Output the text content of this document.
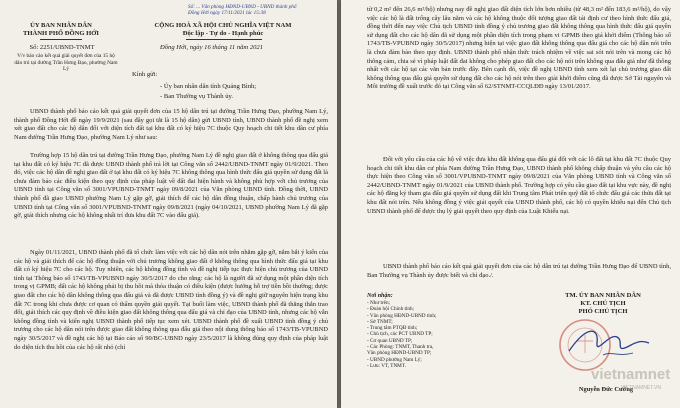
Số: ... Văn phòng HĐND-UBND - UBND thành phố
Đồng Hới ngày 17/11/2021 lúc 15:38
ỦY BAN NHÂN DÂN
THÀNH PHỐ ĐỒNG HỚI
CỘNG HOÀ XÃ HỘI CHỦ NGHĨA VIỆT NAM
Độc lập - Tự do - Hạnh phúc
Số: 2251/UBND-TNMT	Đồng Hới, ngày 16 tháng 11 năm 2021
V/v báo cáo kết quả giải quyết đơn của 15 hộ dân trú tại đường Trần Hưng Đạo, phường Nam Lý
Kính gửi:
- Ủy ban nhân dân tỉnh Quảng Bình;
- Ban Thường vụ Thành ủy.
UBND thành phố báo cáo kết quả giải quyết đơn của 15 hộ dân trú tại đường Trần Hưng Đạo, phường Nam Lý, thành phố Đồng Hới đề ngày 19/9/2021 (sau đây gọi tắt là 15 hộ dân) gửi UBND tỉnh, UBND thành phố đề nghị xem xét giao đất cho các hộ dân đối với diện tích đất tại khu đất có ký hiệu 7C thuộc Quy hoạch chi tiết khu dân cư phía Nam đường Trần Hưng Đạo, phường Nam Lý như sau:
Trường hợp 15 hộ dân trú tại đường Trần Hưng Đạo, phường Nam Lý đề nghị giao đất ở không thông qua đấu giá tại khu đất có ký hiệu 7C đã được UBND thành phố trả lời tại Công văn số 2442/UBND-TNMT ngày 01/9/2021. Theo đó, việc các hộ dân đề nghị giao đất ở tại khu đất có ký hiệu 7C không thông qua hình thức đấu giá quyền sử dụng đất là chưa đảm bảo các điều kiện theo quy định của pháp luật về đất đai hiện hành và không phù hợp với chủ trương của UBND tỉnh tại Công văn số 3001/VPUBND-TNMT ngày 09/8/2021 của Văn phòng UBND tỉnh. Đồng thời, UBND thành phố đã giao UBND phường Nam Lý gặp gỡ, giải thích để các hộ dân đồng thuận, chấp hành chủ trương của UBND tỉnh tại Công văn số 3001/VPUBND-TNMT ngày 09/8/2021 (ngày 04/10/2021, UBND phường Nam Lý đã gặp gỡ, giải thích nhưng các hộ không nhất trí đưa khu đất 7C vào đấu giá).
Ngày 01/11/2021, UBND thành phố đã tổ chức làm việc với các hộ dân nói trên nhằm gặp gỡ, nắm bắt ý kiến của các hộ và giải thích để các hộ đồng thuận với chủ trương không giao đất ở không thông qua hình thức đấu giá tại khu đất có ký hiệu 7C cho các hộ. Tuy nhiên, các hộ không đồng tình và đề nghị tiếp tục thực hiện chủ trương của UBND tỉnh tại Thông báo số 1743/TB-VPUBND ngày 30/5/2017 do cho rằng: các hộ là người đã sử dụng một phần diện tích trong vị GPMB; đất các hộ không phải bị thu hồi mà thỏa thuận có điều kiện (được hưởng hỗ trợ tiền bồi thường; được giao đất cho các hộ dân không thông qua đấu giá và đã được UBND tỉnh đồng ý) và đề nghị giữ nguyên hiện trạng khu đất 7C trong khi chưa được cơ quan có thẩm quyền giải quyết. Tại buổi làm việc, UBND thành phố đã thẳng thắn trao đổi, giải thích các quy định về điều kiện giao đất không thông qua đấu giá và chỉ đạo của UBND tỉnh, nhưng các hộ vẫn không đồng tình và kiến nghị UBND thành phố tiếp tục xem xét. UBND thành phố đề xuất UBND tỉnh đồng ý chủ trương cho các hộ dân nói trên được giao đất không thông qua đấu giá theo nội dung thông báo số 1743/TB-VPUBND ngày 30/5/2017 và đề nghị các hộ tại Báo cáo số 90/BC-UBND ngày 23/5/2017 là không đúng quy định của pháp luật do diện tích thu hồi của các hộ rất nhỏ (chỉ
từ 0,2 m² đến 26,6 m²/hộ) nhưng nay đề nghị giao đất diện tích lớn hơn nhiều (từ 48,3 m² đến 183,6 m²/hộ), do vậy việc các hộ là đất trống cây lâu năm và các hộ không thuộc đối tượng giao đất tái định cư theo hình thức đấu giá, đồng thời đến nay việc Chủ tịch UBND tỉnh đồng ý chủ trương giao đất không thông qua hình thức đấu giá quyền sử dụng đất cho các hộ dân đã sử dụng một phần diện tích trong phạm vi GPMB theo giá khởi điểm (Thông báo số 1743/TB-VPUBND ngày 30/5/2017) nhưng hiện tại việc giao đất không thông qua đấu giá cho các hộ dân nói trên là chưa đảm bảo theo quy định. UBND thành phố nhận thức trách nhiệm về việc sai sót nói trên và mong các hộ thông cảm, chia sẻ vì pháp luật đất đai không cho phép giao đất cho các hộ nói trên không qua đấu giá như đã thông nhất với các hộ tại các văn bản trước đây. Bên cạnh đó, việc đề nghị UBND tỉnh xem xét lại chủ trương giao đất không thông qua đấu giá quyền sử dụng đất cho các hộ nói trên theo giải khởi điểm cũng đã được Sở Tài nguyên và Môi trường đề xuất trước đó tại Công văn số 62/STNMT-CCQLĐĐ ngày 13/01/2017.
Đối với yêu cầu của các hộ về việc đưa khu đất không qua đấu giá đối với các lô đất tại khu đất 7C thuộc Quy hoạch chi tiết khu dân cư phía Nam đường Trần Hưng Đạo, UBND thành phố không chấp thuận và yêu cầu các hộ thực hiện theo Công văn số 3001/VPUBND-TNMT ngày 09/8/2021 của Văn phòng UBND tỉnh và Công văn số 2442/UBND-TNMT ngày 01/9/2021 của UBND thành phố. Trường hợp có yêu cầu giao đất tại khu vực này, đề nghị các hộ đăng ký tham gia đấu giá quyền sử dụng đất khi Trung tâm Phát triển quỹ đất tổ chức đấu giá các thửa đất tại khu đất nói trên. Nếu không đồng ý việc giải quyết của UBND thành phố, các hộ có quyền khiếu nại đến Chủ tịch UBND thành phố để được thụ lý giải quyết theo quy định của Luật Khiếu nại.
UBND thành phố báo cáo kết quả giải quyết đơn của các hộ dân trú tại đường Trần Hưng Đạo để UBND tỉnh, Ban Thường vụ Thành ủy được biết và chỉ đạo./.
Nơi nhận:
- Như trên;
- Đoàn hội Chính tỉnh;
- Văn phòng HĐND-UBND tỉnh;
- Sở TNMT;
- Trung tâm PTQĐ tỉnh;
- Chủ tịch, các PCT UBND TP;
- Cơ quan UBND TP;
- Các Phòng: TNMT, Thanh tra,
Văn phòng HĐND-UBND TP;
- UBND phường Nam Lý;
- Lưu: VT, TNMT.
TM. ỦY BAN NHÂN DÂN
KT. CHỦ TỊCH
PHÓ CHỦ TỊCH
Nguyễn Đức Cường
vietnamnet
VIETNAMNET.VN
